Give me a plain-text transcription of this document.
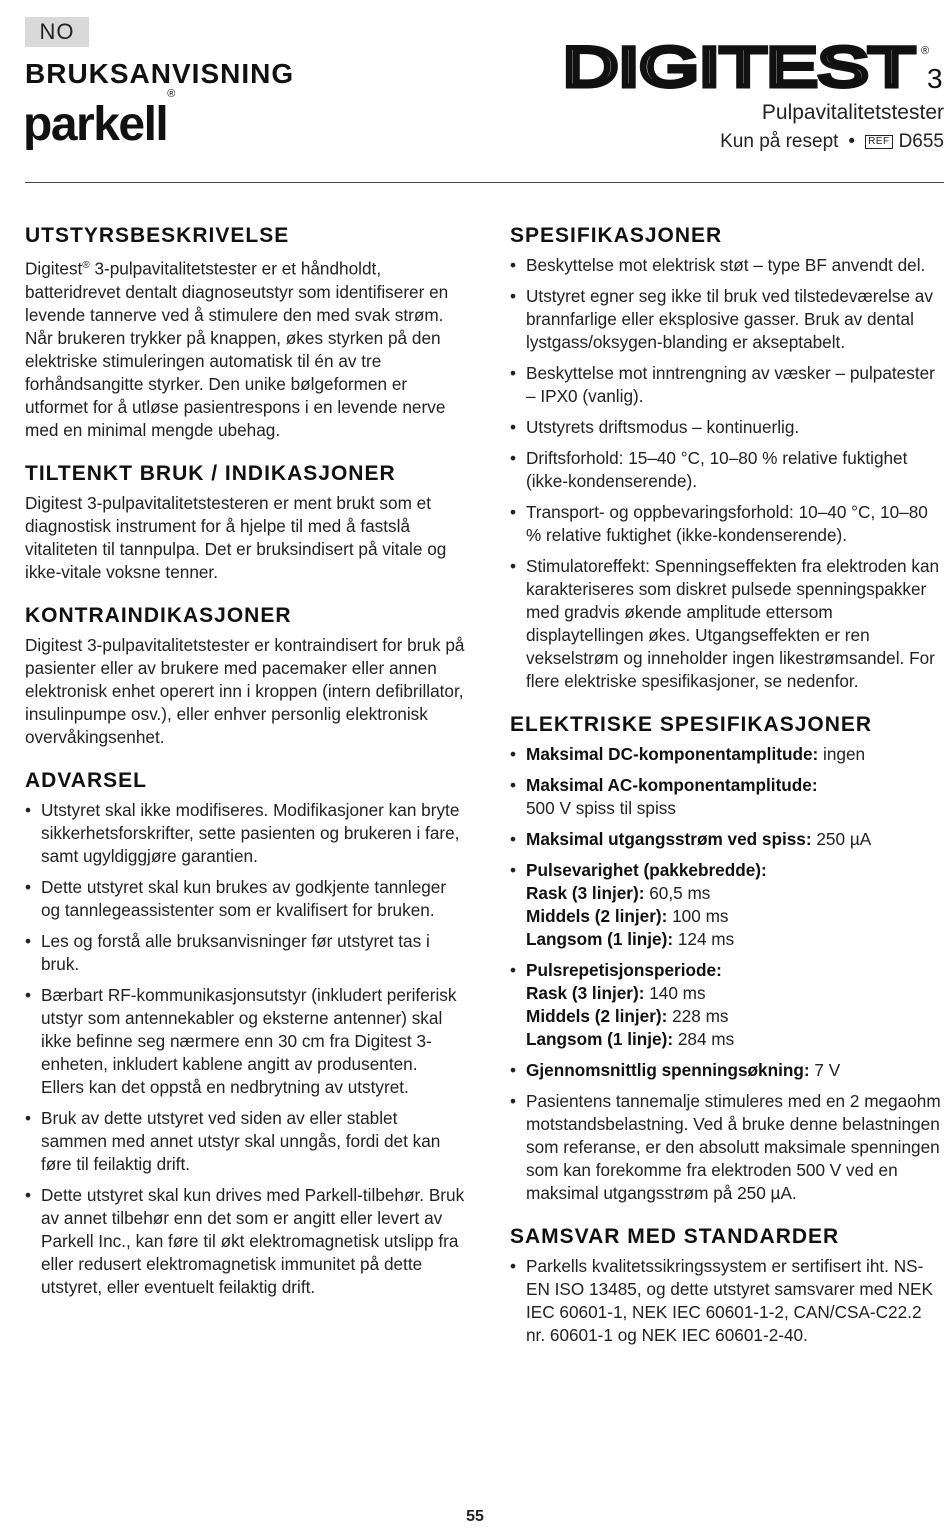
NO
BRUKSANVISNING
parkell®	DIGITEST 3
®
Pulpavitalitetstester
Kun på resept •	REF D655
UTSTYRSBESKRIVELSE

Digitest® 3-pulpavitalitetstester er et håndholdt, batteridrevet dentalt diagnoseutstyr som identifiserer en levende tannerve ved å stimulere den med svak strøm. Når brukeren trykker på knappen, økes styrken på den elektriske stimuleringen automatisk til én av tre forhåndsangitte styrker. Den unike bølgeformen er utformet for å utløse pasientrespons i en levende nerve med en minimal mengde ubehag.

TILTENKT BRUK / INDIKASJONER

Digitest 3-pulpavitalitetstesteren er ment brukt som et diagnostisk instrument for å hjelpe til med å fastslå vitaliteten til tannpulpa. Det er bruksindisert på vitale og ikke-vitale voksne tenner.

KONTRAINDIKASJONER

Digitest 3-pulpavitalitetstester er kontraindisert for bruk på pasienter eller av brukere med pacemaker eller annen elektronisk enhet operert inn i kroppen (intern defibrillator, insulinpumpe osv.), eller enhver personlig elektronisk overvåkingsenhet.

ADVARSEL
• Utstyret skal ikke modifiseres. Modifikasjoner kan bryte sikkerhetsforskrifter, sette pasienten og brukeren i fare, samt ugyldiggjøre garantien.
• Dette utstyret skal kun brukes av godkjente tannleger og tannlegeassistenter som er kvalifisert for bruken.
• Les og forstå alle bruksanvisninger før utstyret tas i bruk.
• Bærbart RF-kommunikasjonsutstyr (inkludert periferisk utstyr som antennekabler og eksterne antenner) skal ikke befinne seg nærmere enn 30 cm fra Digitest 3-enheten, inkludert kablene angitt av produsenten. Ellers kan det oppstå en nedbrytning av utstyret.
• Bruk av dette utstyret ved siden av eller stablet sammen med annet utstyr skal unngås, fordi det kan føre til feilaktig drift.
• Dette utstyret skal kun drives med Parkell-tilbehør. Bruk av annet tilbehør enn det som er angitt eller levert av Parkell Inc., kan føre til økt elektromagnetisk utslipp fra eller redusert elektromagnetisk immunitet på dette utstyret, eller eventuelt feilaktig drift.
SPESIFIKASJONER
• Beskyttelse mot elektrisk støt – type BF anvendt del.
• Utstyret egner seg ikke til bruk ved tilstedeværelse av brannfarlige eller eksplosive gasser. Bruk av dental lystgass/oksygen-blanding er akseptabelt.
• Beskyttelse mot inntrengning av væsker – pulpatester – IPX0 (vanlig).
• Utstyrets driftsmodus – kontinuerlig.
• Driftsforhold: 15–40 °C, 10–80 % relative fuktighet (ikke-kondenserende).
• Transport- og oppbevaringsforhold: 10–40 °C, 10–80 % relative fuktighet (ikke-kondenserende).
• Stimulatoreffekt: Spenningseffekten fra elektroden kan karakteriseres som diskret pulsede spenningspakker med gradvis økende amplitude ettersom displaytellingen økes. Utgangseffekten er ren vekselstrøm og inneholder ingen likestrømsandel. For flere elektriske spesifikasjoner, se nedenfor.
ELEKTRISKE SPESIFIKASJONER
• Maksimal DC-komponentamplitude: ingen
• Maksimal AC-komponentamplitude:
500 V spiss til spiss
• Maksimal utgangsstrøm ved spiss: 250 µA
• Pulsevarighet (pakkebredde):
Rask (3 linjer): 60,5 ms
Middels (2 linjer): 100 ms
Langsom (1 linje): 124 ms
• Pulsrepetisjonsperiode:
Rask (3 linjer): 140 ms
Middels (2 linjer): 228 ms
Langsom (1 linje): 284 ms
• Gjennomsnittlig spenningsøkning: 7 V
• Pasientens tannemalje stimuleres med en 2 megaohm motstandsbelastning. Ved å bruke denne belastningen som referanse, er den absolutt maksimale spenningen som kan forekomme fra elektroden 500 V ved en maksimal utgangsstrøm på 250 µA.
SAMSVAR MED STANDARDER
• Parkells kvalitetssikringssystem er sertifisert iht. NS-EN ISO 13485, og dette utstyret samsvarer med NEK IEC 60601-1, NEK IEC 60601-1-2, CAN/CSA-C22.2 nr. 60601-1 og NEK IEC 60601-2-40.
55
